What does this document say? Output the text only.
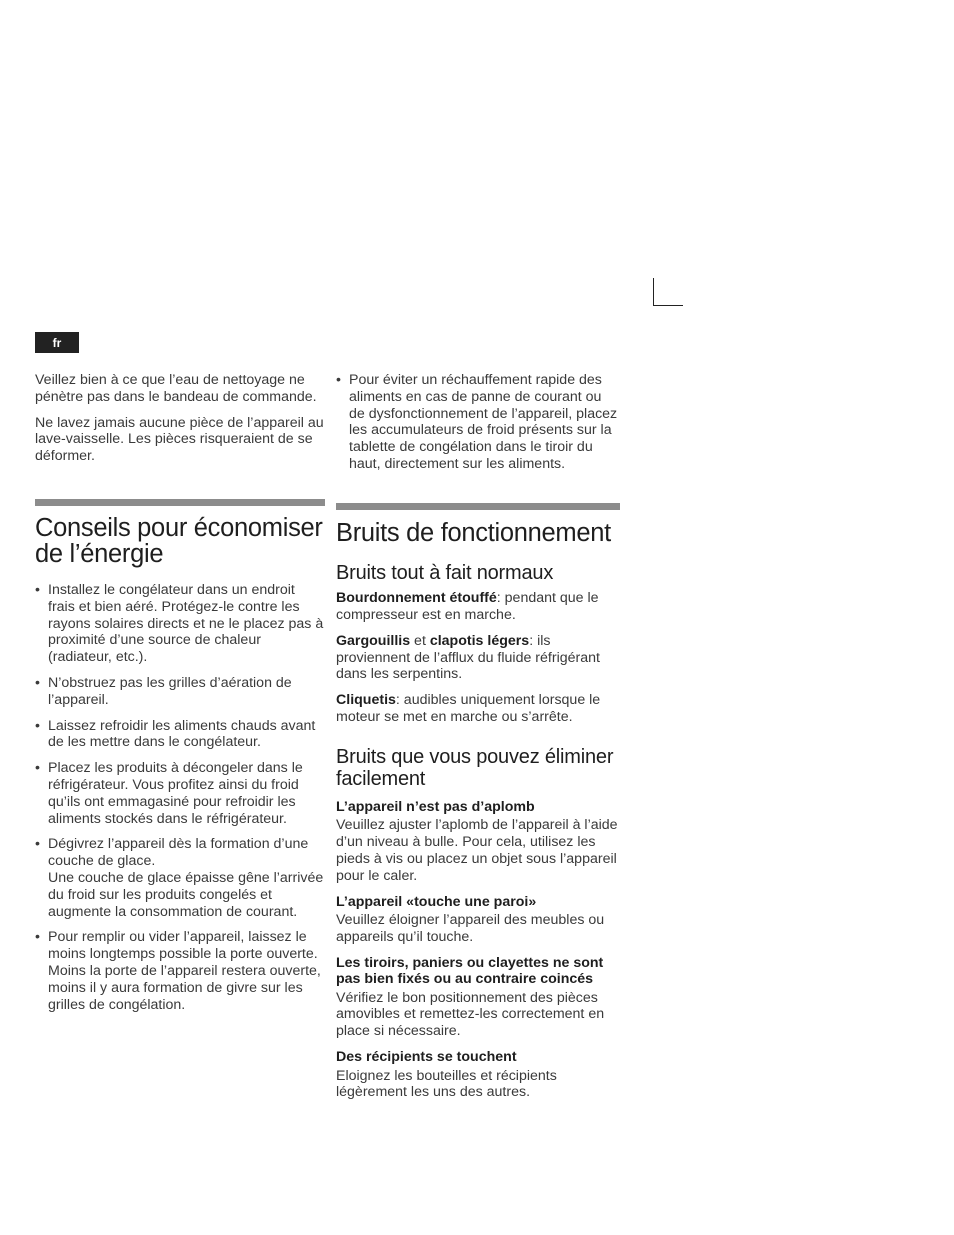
fr

Veillez bien à ce que l’eau de nettoyage ne pénètre pas dans le bandeau de commande.

Ne lavez jamais aucune pièce de l’appareil au lave-vaisselle. Les pièces risqueraient de se déformer.

Conseils pour économiser de l’énergie
• Installez le congélateur dans un endroit frais et bien aéré. Protégez-le contre les rayons solaires directs et ne le placez pas à proximité d’une source de chaleur (radiateur, etc.).
• N’obstruez pas les grilles d’aération de l’appareil.
• Laissez refroidir les aliments chauds avant de les mettre dans le congélateur.
• Placez les produits à décongeler dans le réfrigérateur. Vous profitez ainsi du froid qu’ils ont emmagasiné pour refroidir les aliments stockés dans le réfrigérateur.
• Dégivrez l’appareil dès la formation d’une couche de glace.
Une couche de glace épaisse gêne l’arrivée du froid sur les produits congelés et augmente la consommation de courant.
• Pour remplir ou vider l’appareil, laissez le moins longtemps possible la porte ouverte.
Moins la porte de l’appareil restera ouverte, moins il y aura formation de givre sur les grilles de congélation.
• Pour éviter un réchauffement rapide des aliments en cas de panne de courant ou de dysfonctionnement de l’appareil, placez les accumulateurs de froid présents sur la tablette de congélation dans le tiroir du haut, directement sur les aliments.
Bruits de fonctionnement
Bruits tout à fait normaux

Bourdonnement étouffé: pendant que le compresseur est en marche.

Gargouillis et clapotis légers: ils proviennent de l’afflux du fluide réfrigérant dans les serpentins.

Cliquetis: audibles uniquement lorsque le moteur se met en marche ou s’arrête.

Bruits que vous pouvez éliminer facilement

L’appareil n’est pas d’aplomb

Veuillez ajuster l’aplomb de l’appareil à l’aide d’un niveau à bulle. Pour cela, utilisez les pieds à vis ou placez un objet sous l’appareil pour le caler.

L’appareil «touche une paroi»

Veuillez éloigner l’appareil des meubles ou appareils qu’il touche.

Les tiroirs, paniers ou clayettes ne sont pas bien fixés ou au contraire coincés

Vérifiez le bon positionnement des pièces amovibles et remettez-les correctement en place si nécessaire.

Des récipients se touchent

Eloignez les bouteilles et récipients légèrement les uns des autres.
